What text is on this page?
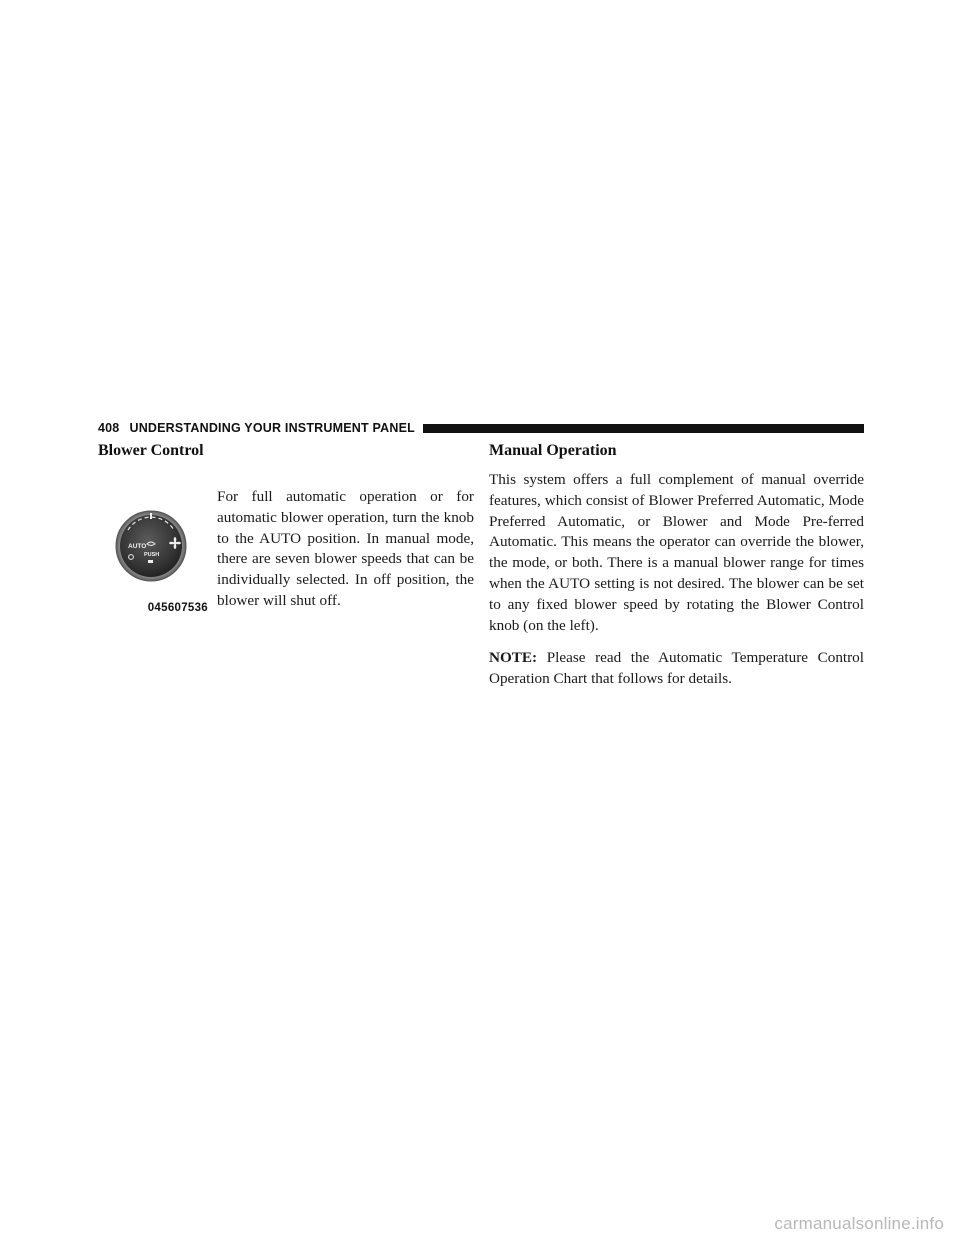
408 UNDERSTANDING YOUR INSTRUMENT PANEL
Blower Control
AUTO
PUSH
045607536

For full automatic operation or for automatic blower operation, turn the knob to the AUTO position. In manual mode, there are seven blower speeds that can be individually selected. In off position, the blower will shut off.

Manual Operation

This system offers a full complement of manual override features, which consist of Blower Preferred Automatic, Mode Preferred Automatic, or Blower and Mode Pre-ferred Automatic. This means the operator can override the blower, the mode, or both. There is a manual blower range for times when the AUTO setting is not desired. The blower can be set to any fixed blower speed by rotating the Blower Control knob (on the left).

NOTE: Please read the Automatic Temperature Control Operation Chart that follows for details.

carmanualsonline.info
